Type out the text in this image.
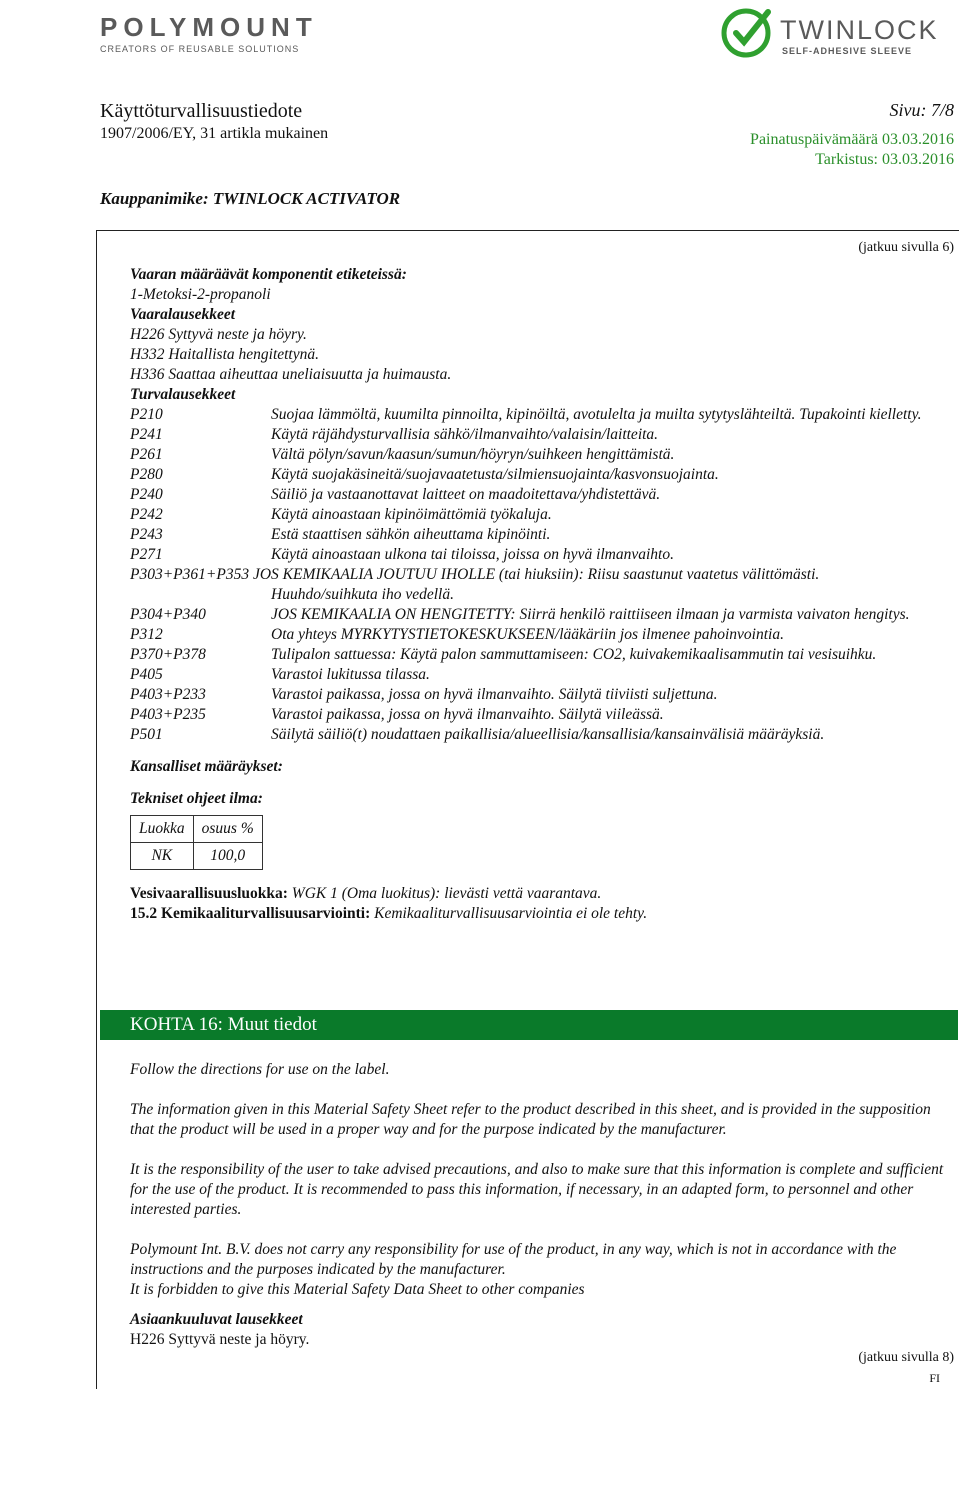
POLYMOUNT
CREATORS OF REUSABLE SOLUTIONS
TWINLOCK
SELF-ADHESIVE SLEEVE
Käyttöturvallisuustiedote
1907/2006/EY, 31 artikla mukainen
Sivu: 7/8
Painatuspäivämäärä 03.03.2016
Tarkistus: 03.03.2016
Kauppanimike: TWINLOCK ACTIVATOR
(jatkuu sivulla 6)
Vaaran määräävät komponentit etiketeissä:
1-Metoksi-2-propanoli
Vaaralausekkeet
H226 Syttyvä neste ja höyry.
H332 Haitallista hengitettynä.
H336 Saattaa aiheuttaa uneliaisuutta ja huimausta.
Turvalausekkeet
P210	Suojaa lämmöltä, kuumilta pinnoilta, kipinöiltä, avotulelta ja muilta sytytyslähteiltä. Tupakointi kielletty.
P241	Käytä räjähdysturvallisia sähkö/ilmanvaihto/valaisin/laitteita.
P261	Vältä pölyn/savun/kaasun/sumun/höyryn/suihkeen hengittämistä.
P280	Käytä suojakäsineitä/suojavaatetusta/silmiensuojainta/kasvonsuojainta.
P240	Säiliö ja vastaanottavat laitteet on maadoitettava/yhdistettävä.
P242	Käytä ainoastaan kipinöimättömiä työkaluja.
P243	Estä staattisen sähkön aiheuttama kipinöinti.
P271	Käytä ainoastaan ulkona tai tiloissa, joissa on hyvä ilmanvaihto.
P303+P361+P353 JOS KEMIKAALIA JOUTUU IHOLLE (tai hiuksiin): Riisu saastunut vaatetus välittömästi.
Huuhdo/suihkuta iho vedellä.
P304+P340	JOS KEMIKAALIA ON HENGITETTY: Siirrä henkilö raittiiseen ilmaan ja varmista vaivaton hengitys.
P312	Ota yhteys MYRKYTYSTIETOKESKUKSEEN/lääkäriin jos ilmenee pahoinvointia.
P370+P378	Tulipalon sattuessa: Käytä palon sammuttamiseen: CO2, kuivakemikaalisammutin tai vesisuihku.
P405	Varastoi lukitussa tilassa.
P403+P233	Varastoi paikassa, jossa on hyvä ilmanvaihto. Säilytä tiiviisti suljettuna.
P403+P235	Varastoi paikassa, jossa on hyvä ilmanvaihto. Säilytä viileässä.
P501	Säilytä säiliö(t) noudattaen paikallisia/alueellisia/kansallisia/kansainvälisiä määräyksiä.
Kansalliset määräykset:
Tekniset ohjeet ilma:
Luokka	osuus %
NK	100,0
Vesivaarallisuusluokka: WGK 1 (Oma luokitus): lievästi vettä vaarantava.
15.2 Kemikaaliturvallisuusarviointi: Kemikaaliturvallisuusarviointia ei ole tehty.
KOHTA 16: Muut tiedot
Follow the directions for use on the label.
The information given in this Material Safety Sheet refer to the product described in this sheet, and is provided in the supposition that the product will be used in a proper way and for the purpose indicated by the manufacturer.
It is the responsibility of the user to take advised precautions, and also to make sure that this information is complete and sufficient for the use of the product. It is recommended to pass this information, if necessary, in an adapted form, to personnel and other interested parties.
Polymount Int. B.V. does not carry any responsibility for use of the product, in any way, which is not in accordance with the instructions and the purposes indicated by the manufacturer.
It is forbidden to give this Material Safety Data Sheet to other companies
Asiaankuuluvat lausekkeet
H226 Syttyvä neste ja höyry.
(jatkuu sivulla 8)
FI
